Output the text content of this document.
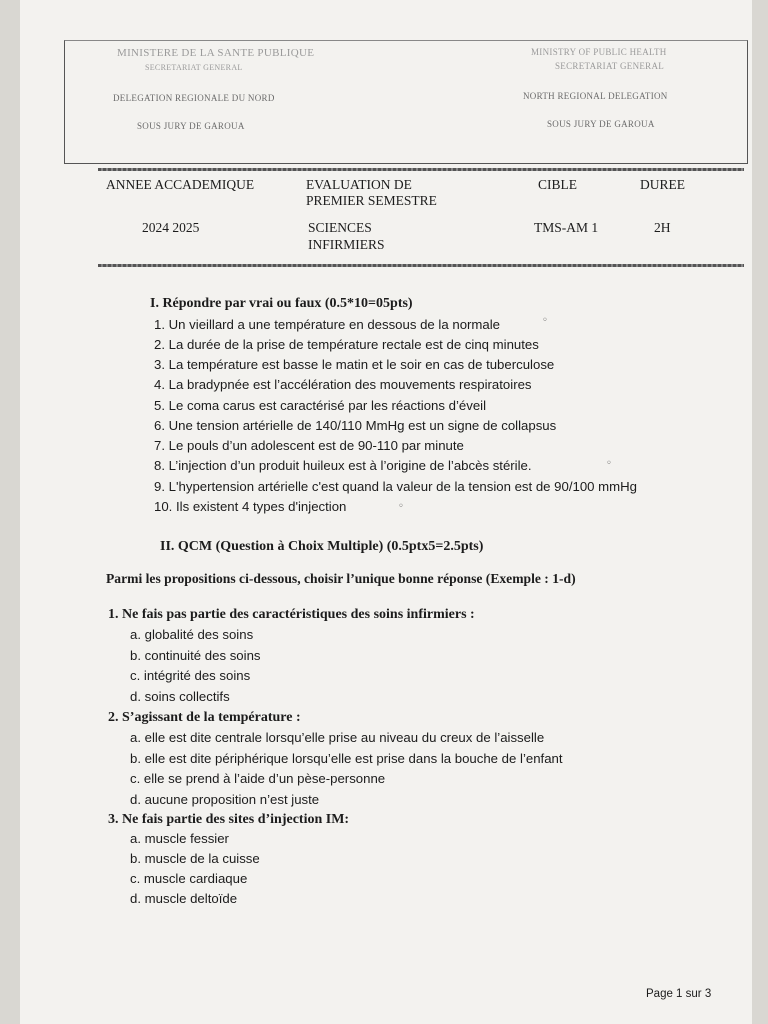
MINISTERE DE LA SANTE PUBLIQUE
SECRETARIAT GENERAL
DELEGATION REGIONALE DU NORD
SOUS JURY DE GAROUA
MINISTRY OF PUBLIC HEALTH
SECRETARIAT GENERAL
NORTH REGIONAL DELEGATION
SOUS JURY DE GAROUA
ANNEE ACCADEMIQUE
2024 2025
EVALUATION DE
PREMIER SEMESTRE
SCIENCES
INFIRMIERS
CIBLE
TMS-AM 1
DUREE
2H
I. Répondre par vrai ou faux (0.5*10=05pts)
1. Un vieillard a une température en dessous de la normale
2. La durée de la prise de température rectale est de cinq minutes
3. La température est basse le matin et le soir en cas de tuberculose
4. La bradypnée est l’accélération des mouvements respiratoires
5. Le coma carus est caractérisé par les réactions d’éveil
6. Une tension artérielle de 140/110 MmHg est un signe de collapsus
7. Le pouls d’un adolescent est de 90-110 par minute
8. L’injection d’un produit huileux est à l’origine de l’abcès stérile.
9. L'hypertension artérielle c'est quand la valeur de la tension est de 90/100 mmHg
10. Ils existent 4 types d'injection
◦
◦
◦
II. QCM (Question à Choix Multiple) (0.5ptx5=2.5pts)
Parmi les propositions ci-dessous, choisir l’unique bonne réponse (Exemple : 1-d)
1. Ne fais pas partie des caractéristiques des soins infirmiers :
a. globalité des soins
b. continuité des soins
c. intégrité des soins
d. soins collectifs
2. S’agissant de la température :
a. elle est dite centrale lorsqu’elle prise au niveau du creux de l’aisselle
b. elle est dite périphérique lorsqu’elle est prise dans la bouche de l’enfant
c. elle se prend à l’aide d’un pèse-personne
d. aucune proposition n’est juste
3. Ne fais partie des sites d’injection IM:
a. muscle fessier
b. muscle de la cuisse
c. muscle cardiaque
d. muscle deltoïde
Page 1 sur 3
